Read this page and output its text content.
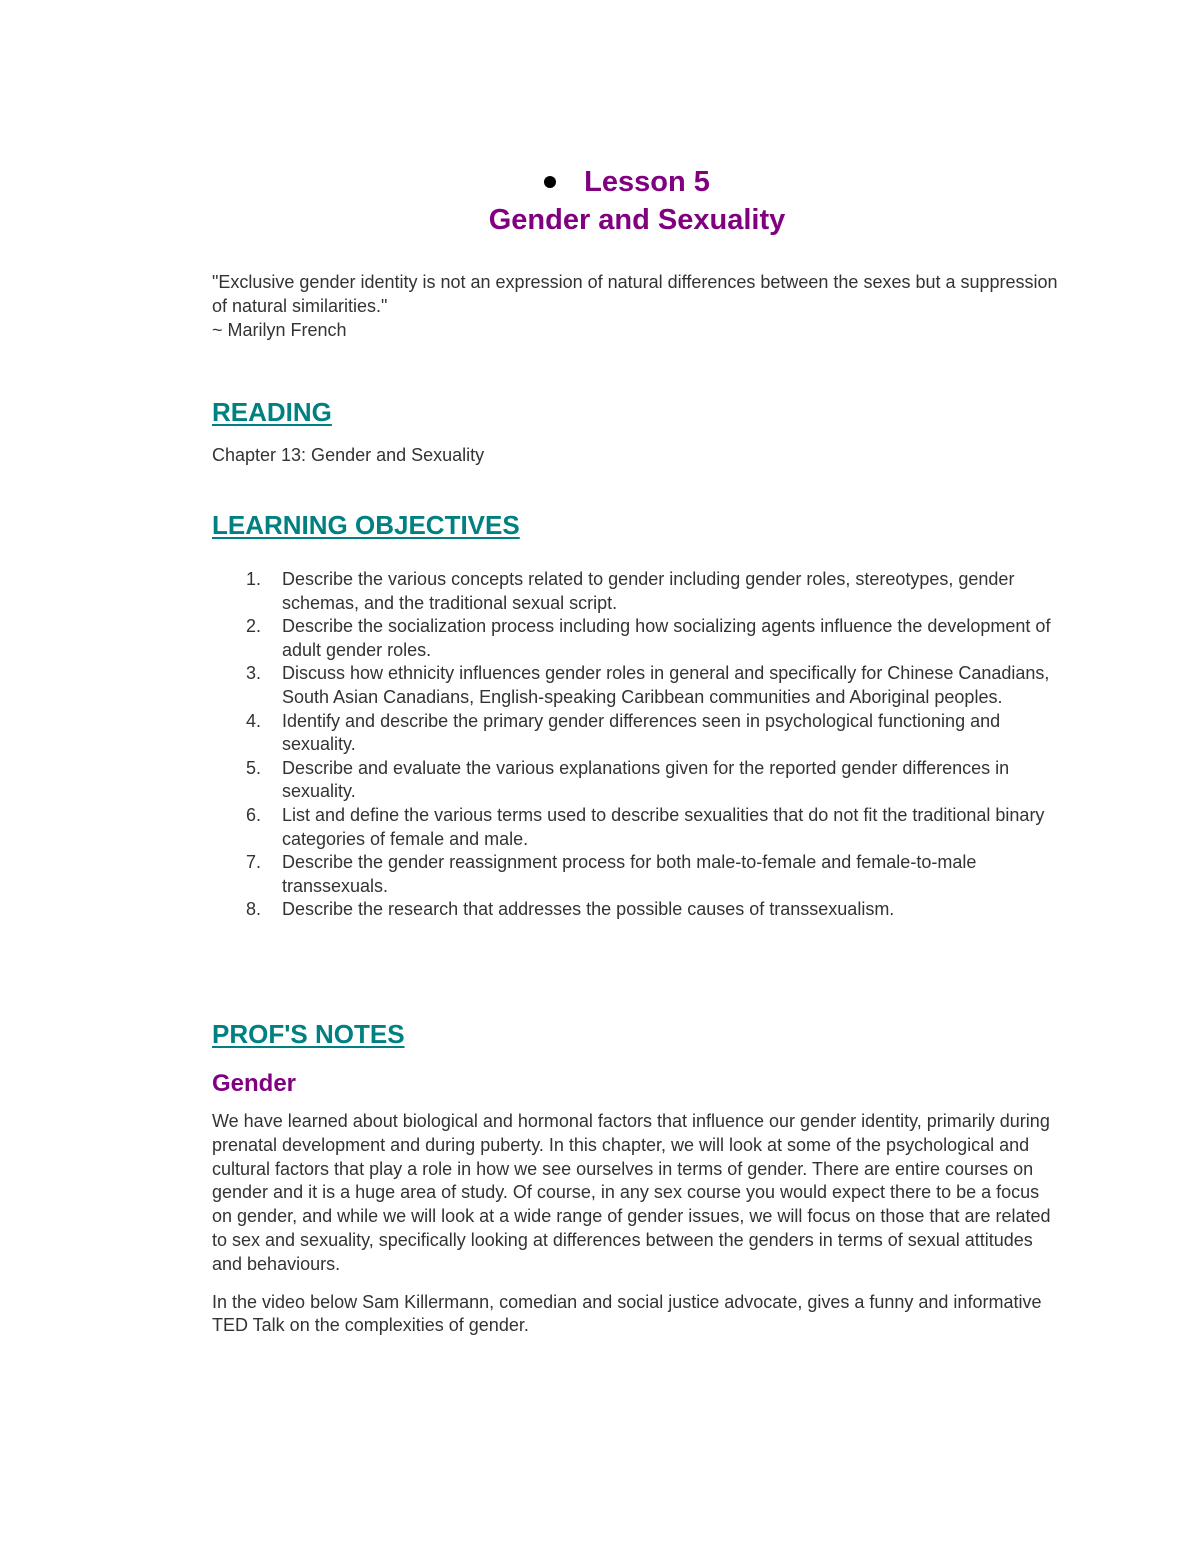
Lesson 5
Gender and Sexuality

"Exclusive gender identity is not an expression of natural differences between the sexes but a suppression of natural similarities."

~ Marilyn French

READING

Chapter 13: Gender and Sexuality

LEARNING OBJECTIVES
1. Describe the various concepts related to gender including gender roles, stereotypes, gender schemas, and the traditional sexual script.
2. Describe the socialization process including how socializing agents influence the development of adult gender roles.
3. Discuss how ethnicity influences gender roles in general and specifically for Chinese Canadians, South Asian Canadians, English-speaking Caribbean communities and Aboriginal peoples.
4. Identify and describe the primary gender differences seen in psychological functioning and sexuality.
5. Describe and evaluate the various explanations given for the reported gender differences in sexuality.
6. List and define the various terms used to describe sexualities that do not fit the traditional binary categories of female and male.
7. Describe the gender reassignment process for both male-to-female and female-to-male transsexuals.
8. Describe the research that addresses the possible causes of transsexualism.
PROF'S NOTES
Gender

We have learned about biological and hormonal factors that influence our gender identity, primarily during prenatal development and during puberty. In this chapter, we will look at some of the psychological and cultural factors that play a role in how we see ourselves in terms of gender. There are entire courses on gender and it is a huge area of study. Of course, in any sex course you would expect there to be a focus on gender, and while we will look at a wide range of gender issues, we will focus on those that are related to sex and sexuality, specifically looking at differences between the genders in terms of sexual attitudes and behaviours.

In the video below Sam Killermann, comedian and social justice advocate, gives a funny and informative TED Talk on the complexities of gender.
